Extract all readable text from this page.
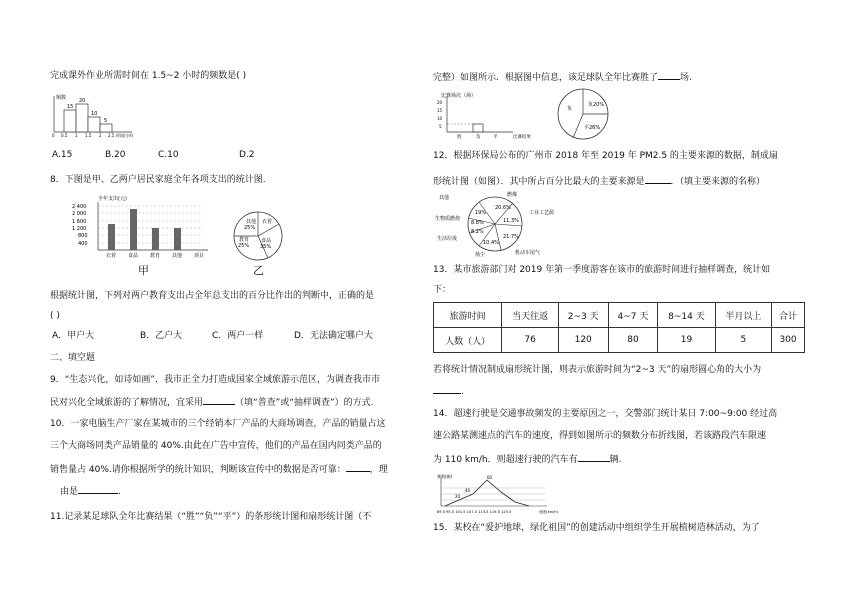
完成课外作业所需时间在 1.5~2 小时的频数是( )
频数
15
20
10
5
0 0.5 1 1.5 2 2.5 时间/小时
A.15	B.20	C.10	D.2
8．下图是甲、乙两户居民家庭全年各项支出的统计图.
全年支出(元)
2 400
2 000
1 600
1 200
800
400
衣着 食品 教育 其他 项目
甲
其他
25%
衣着
教育
25%
食品
35%
乙
根据统计图，下列对两户教育支出占全年总支出的百分比作出的判断中，正确的是
( )
A．甲户大	B．乙户大	C．两户一样	D．无法确定哪户大
二、填空题
9．“生态兴化，如诗如画”．我市正全力打造成国家全域旅游示范区，为调查我市市
民对兴化全域旅游的了解情况，宜采用	（填“普查”或“抽样调查”）的方式.
10．一家电脑生产厂家在某城市的三个经销本厂产品的大商场调查，产品的销量占这
三个大商场同类产品销量的 40%.由此在广告中宣传，他们的产品在国内同类产品的
销售量占 40%.请你根据所学的统计知识，判断该宣传中的数据是否可靠：	，理
由是	.
11.记录某足球队全年比赛结果（“胜”“负”“平”）的条形统计图和扇形统计图（不
完整）如图所示．根据图中信息，该足球队全年比赛胜了 场.
比赛场次（场）
20
15
10
5
胜	负	平	比赛结果
负
负20%
平26%
12．根据环保局公布的广州市 2018 年至 2019 年 PM2.5 的主要来源的数据，制成扇
形统计图（如图）．其中所占百分比最大的主要来源是	．（填主要来源的名称）
其他
19%
燃煤
20.6%
工业工艺源
11.3%
机动车尾气
21.7%
扬尘
10.4%
生活垃圾
8.2%
生物质燃烧
8.8%
13．某市旅游部门对 2019 年第一季度游客在该市的旅游时间进行抽样调查，统计如
下：
旅游时间	当天往返	2~3 天	4~7 天	8~14 天	半月以上	合计
人数（人）	76	120	80	19	5	300
若将统计情况制成扇形统计图，则表示旅游时间为“2~3 天”的扇形圆心角的大小为
.
14．超速行驶是交通事故频发的主要原因之一，交警部门统计某日 7:00~9:00 经过高
速公路某测速点的汽车的速度，得到如图所示的频数分布折线图，若该路段汽车限速
为 110 km/h．则超速行驶的汽车有	辆.
频数(辆)	60
40
20
89.5 95.5 101.5 107.5 113.5 119.5 125.5	速度(km/h)
15．某校在“爱护地球，绿化祖国”的创建活动中组织学生开展植树造林活动，为了
